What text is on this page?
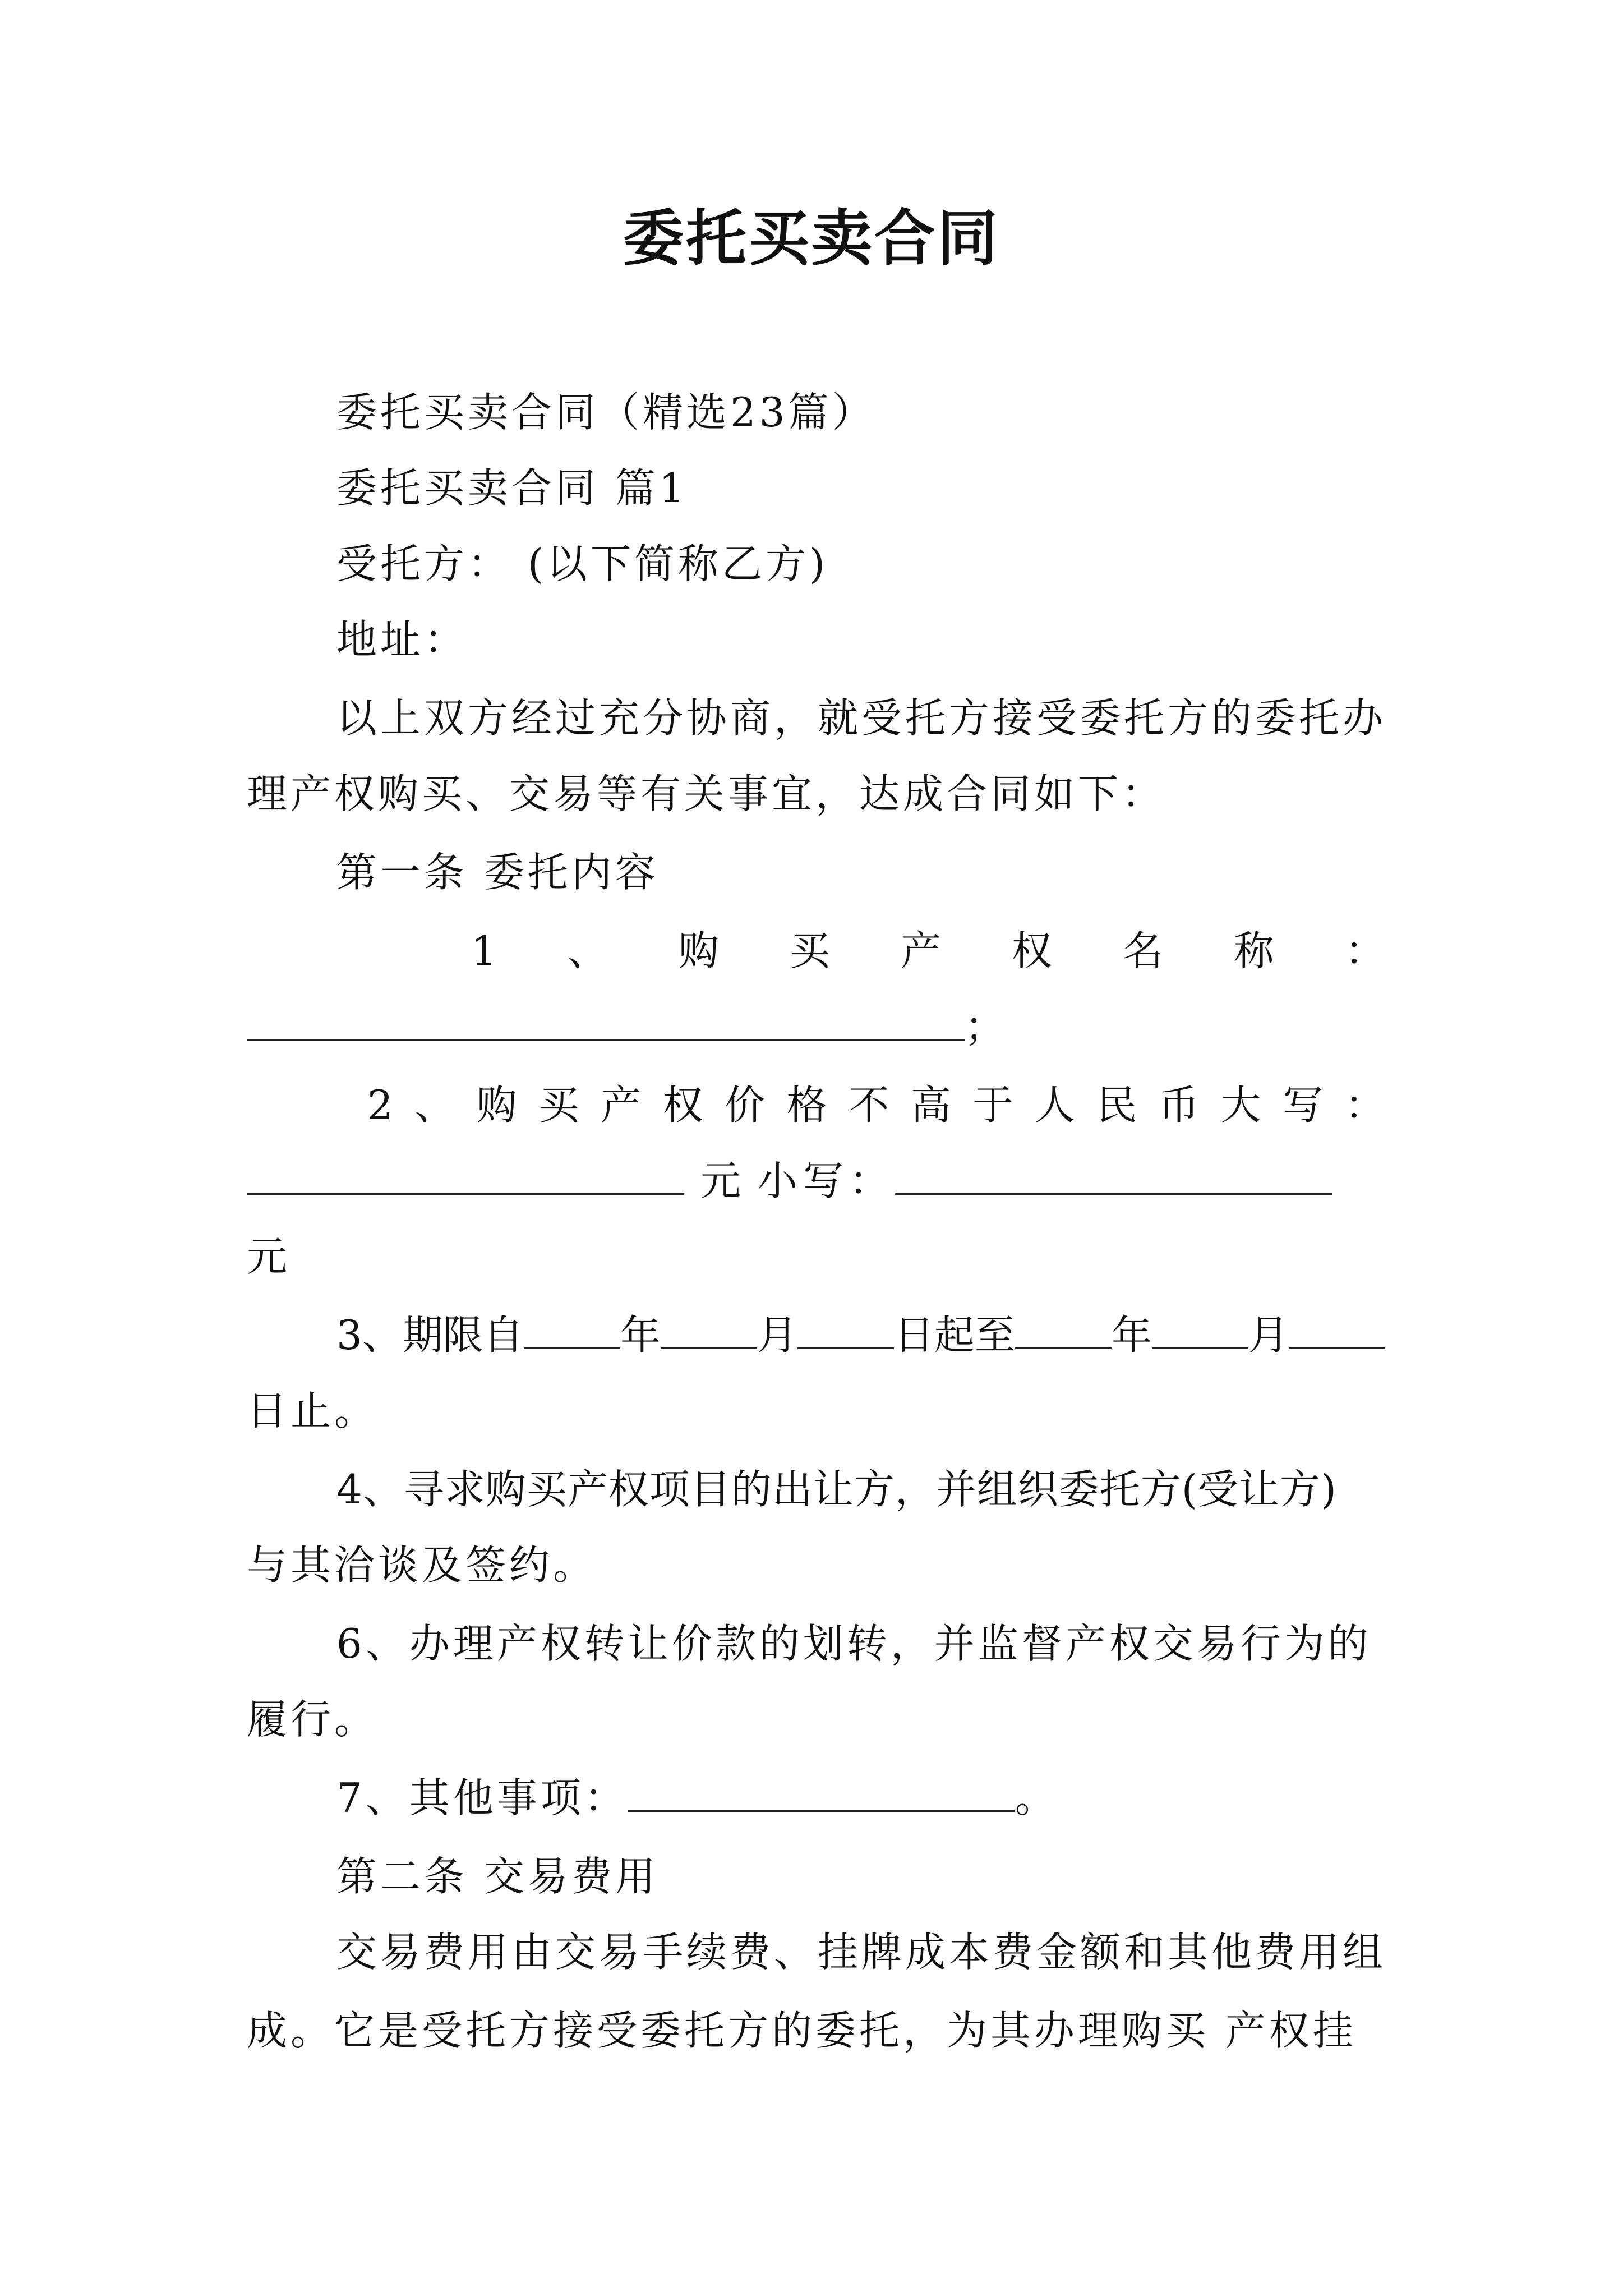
委托买卖合同
委托买卖合同（精选23篇）
委托买卖合同 篇1
受托方： (以下简称乙方)
地址：
以上双方经过充分协商，就受托方接受委托方的委托办
理产权购买、交易等有关事宜，达成合同如下：
第一条 委托内容
1 、 购 买 产 权 名 称 ：
；
2 、 购 买 产 权 价 格 不 高 于 人 民 币 大 写 ：
元 小写：
元
3、期限自 年 月 日起至 年 月
日止。
4、寻求购买产权项目的出让方，并组织委托方(受让方)
与其洽谈及签约。
6、办理产权转让价款的划转，并监督产权交易行为的
履行。
7、其他事项：	。
第二条 交易费用
交易费用由交易手续费、挂牌成本费金额和其他费用组
成。它是受托方接受委托方的委托，为其办理购买 产权挂
